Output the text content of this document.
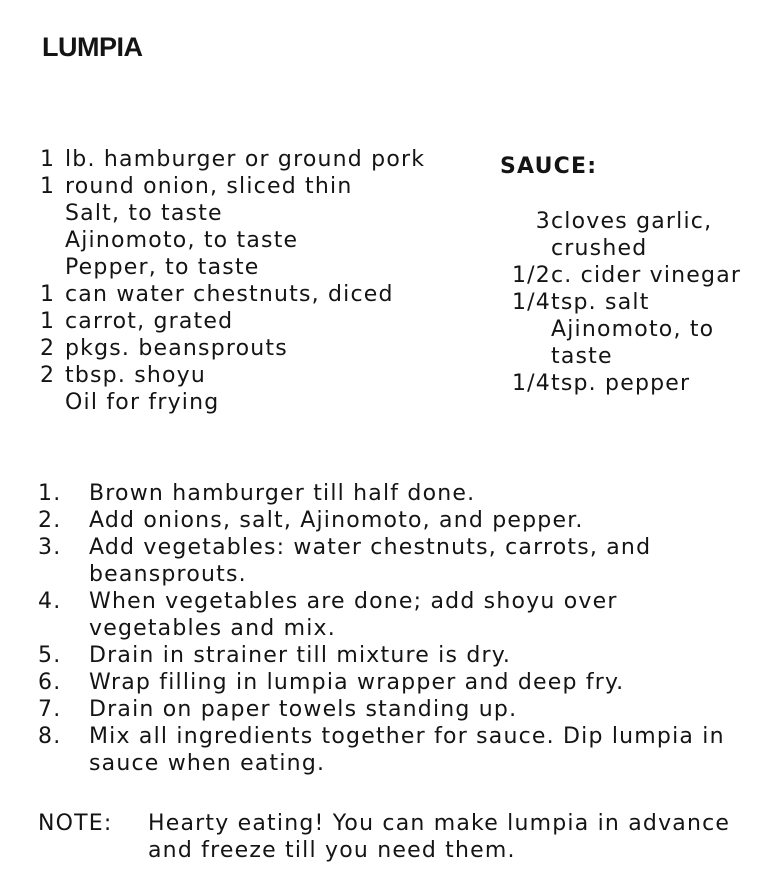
LUMPIA
1 lb. hamburger or ground pork
1 round onion, sliced thin
Salt, to taste
Ajinomoto, to taste
Pepper, to taste
1 can water chestnuts, diced
1 carrot, grated
2 pkgs. beansprouts
2 tbsp. shoyu
Oil for frying
SAUCE:
3 cloves garlic, crushed
1/2 c. cider vinegar
1/4 tsp. salt
Ajinomoto, to taste
1/4 tsp. pepper
1.	Brown hamburger till half done.
2.	Add onions, salt, Ajinomoto, and pepper.
3.	Add vegetables: water chestnuts, carrots, and beansprouts.
4.	When vegetables are done; add shoyu over vegetables and mix.
5.	Drain in strainer till mixture is dry.
6.	Wrap filling in lumpia wrapper and deep fry.
7.	Drain on paper towels standing up.
8.	Mix all ingredients together for sauce. Dip lumpia in sauce when eating.
NOTE:	Hearty eating! You can make lumpia in advance and freeze till you need them.
